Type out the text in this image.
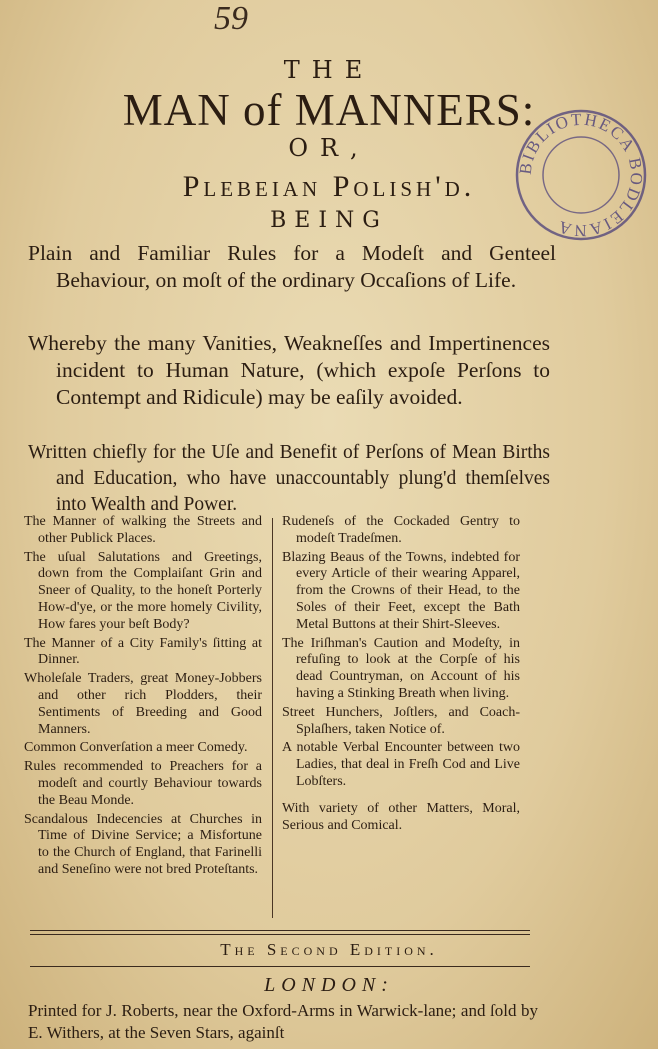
59
THE
MAN of MANNERS:
OR,
Plebeian Polish'd.
BEING
Plain and Familiar Rules for a Modeſt and Genteel Behaviour, on moſt of the ordinary Occaſions of Life.
Whereby the many Vanities, Weakneſſes and Impertinences incident to Human Nature, (which expoſe Perſons to Contempt and Ridicule) may be eaſily avoided.
Written chiefly for the Uſe and Benefit of Perſons of Mean Births and Education, who have unaccountably plung'd themſelves into Wealth and Power.
The Manner of walking the Streets and other Publick Places.
The uſual Salutations and Greetings, down from the Complaiſant Grin and Sneer of Quality, to the honeſt Porterly How-d'ye, or the more homely Civility, How fares your beſt Body?
The Manner of a City Family's ſitting at Dinner.
Wholeſale Traders, great Money-Jobbers and other rich Plodders, their Sentiments of Breeding and Good Manners.
Common Converſation a meer Comedy.
Rules recommended to Preachers for a modeſt and courtly Behaviour towards the Beau Monde.
Scandalous Indecencies at Churches in Time of Divine Service; a Misfortune to the Church of England, that Farinelli and Seneſino were not bred Proteſtants.
Rudeneſs of the Cockaded Gentry to modeſt Tradeſmen.
Blazing Beaus of the Towns, indebted for every Article of their wearing Apparel, from the Crowns of their Head, to the Soles of their Feet, except the Bath Metal Buttons at their Shirt-Sleeves.
The Iriſhman's Caution and Modeſty, in refuſing to look at the Corpſe of his dead Countryman, on Account of his having a Stinking Breath when living.
Street Hunchers, Joſtlers, and Coach-Splaſhers, taken Notice of.
A notable Verbal Encounter between two Ladies, that deal in Freſh Cod and Live Lobſters.
With variety of other Matters, Moral, Serious and Comical.
The Second Edition.
LONDON:
Printed for J. Roberts, near the Oxford-Arms in Warwick-lane; and ſold by E. Withers, at the Seven Stars, againſt
BIBLIOTHECA BODLEIANA
